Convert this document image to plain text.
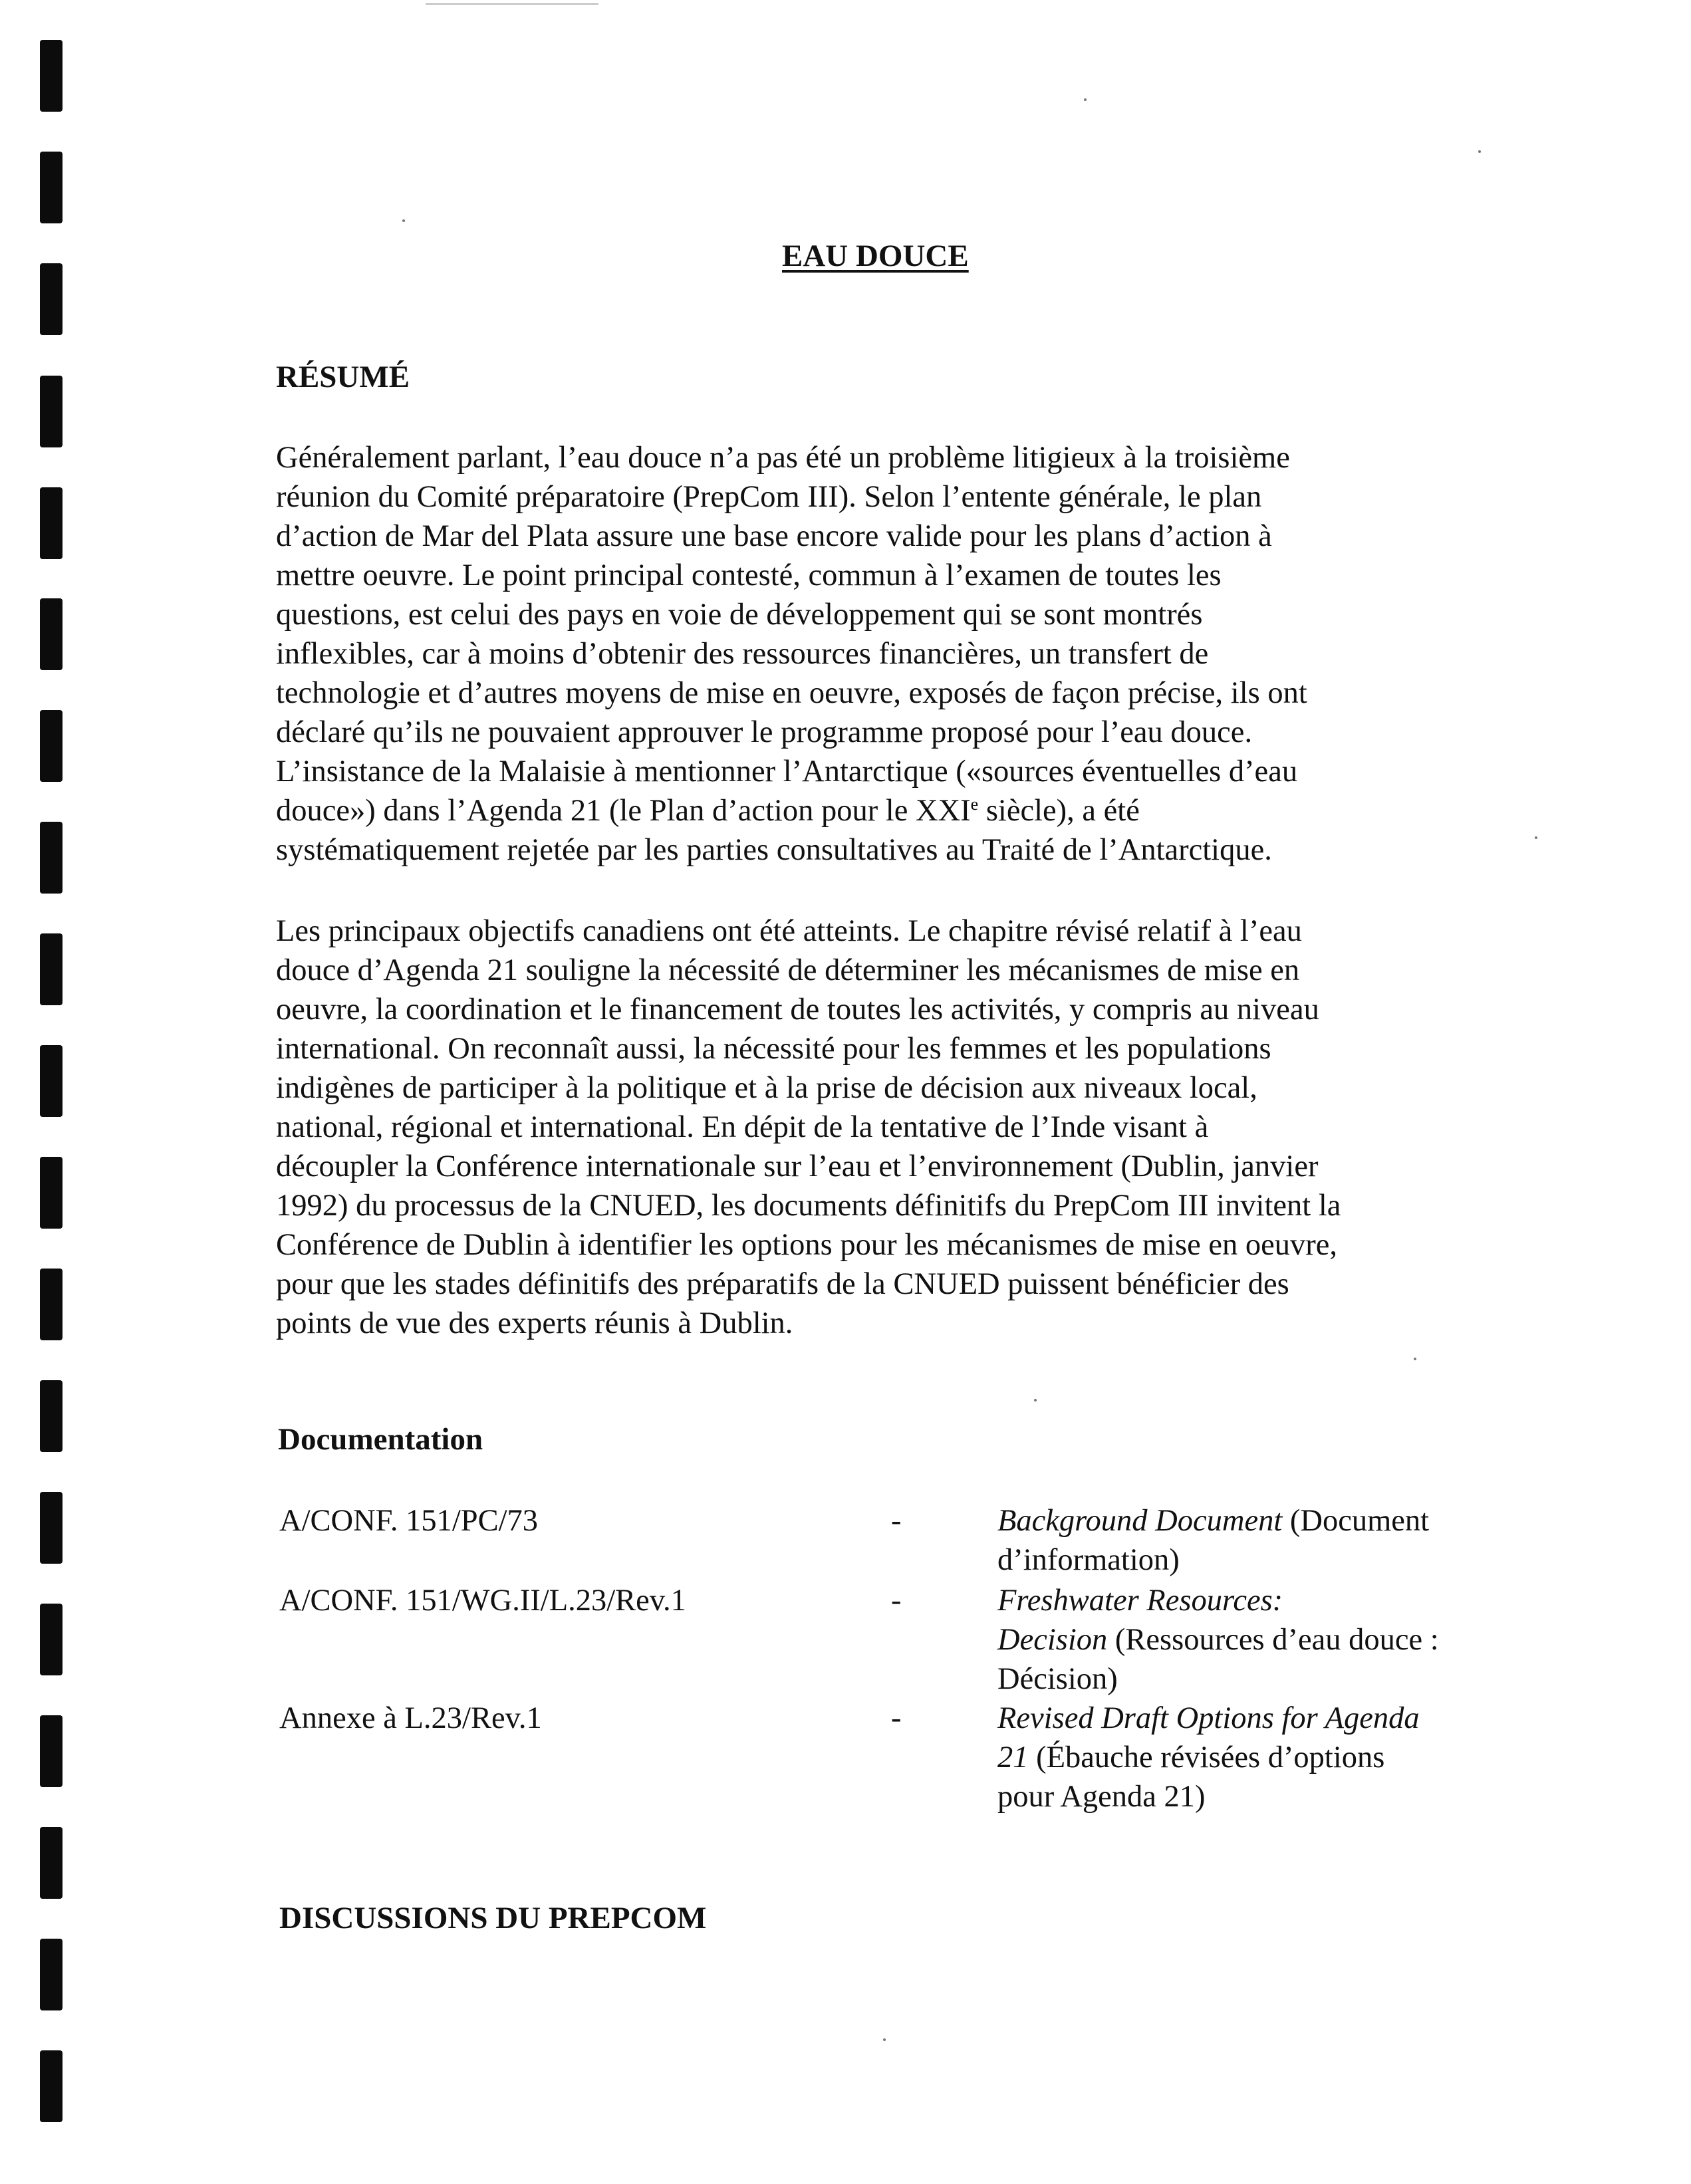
EAU DOUCE
RÉSUMÉ

Généralement parlant, l’eau douce n’a pas été un problème litigieux à la troisième
réunion du Comité préparatoire (PrepCom III). Selon l’entente générale, le plan
d’action de Mar del Plata assure une base encore valide pour les plans d’action à
mettre oeuvre. Le point principal contesté, commun à l’examen de toutes les
questions, est celui des pays en voie de développement qui se sont montrés
inflexibles, car à moins d’obtenir des ressources financières, un transfert de
technologie et d’autres moyens de mise en oeuvre, exposés de façon précise, ils ont
déclaré qu’ils ne pouvaient approuver le programme proposé pour l’eau douce.
L’insistance de la Malaisie à mentionner l’Antarctique («sources éventuelles d’eau
douce») dans l’Agenda 21 (le Plan d’action pour le XXIe siècle), a été
systématiquement rejetée par les parties consultatives au Traité de l’Antarctique.

Les principaux objectifs canadiens ont été atteints. Le chapitre révisé relatif à l’eau
douce d’Agenda 21 souligne la nécessité de déterminer les mécanismes de mise en
oeuvre, la coordination et le financement de toutes les activités, y compris au niveau
international. On reconnaît aussi, la nécessité pour les femmes et les populations
indigènes de participer à la politique et à la prise de décision aux niveaux local,
national, régional et international. En dépit de la tentative de l’Inde visant à
découpler la Conférence internationale sur l’eau et l’environnement (Dublin, janvier
1992) du processus de la CNUED, les documents définitifs du PrepCom III invitent la
Conférence de Dublin à identifier les options pour les mécanismes de mise en oeuvre,
pour que les stades définitifs des préparatifs de la CNUED puissent bénéficier des
points de vue des experts réunis à Dublin.

Documentation
A/CONF. 151/PC/73	-	Background Document (Document
d’information)
A/CONF. 151/WG.II/L.23/Rev.1	-	Freshwater Resources:
Decision (Ressources d’eau douce :
Décision)
Annexe à L.23/Rev.1	-	Revised Draft Options for Agenda
21 (Ébauche révisées d’options
pour Agenda 21)
DISCUSSIONS DU PREPCOM
